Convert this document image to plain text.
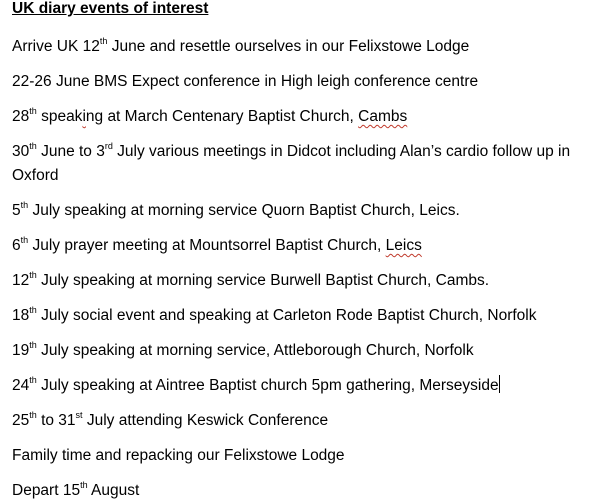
UK diary events of interest

Arrive UK 12th June and resettle ourselves in our Felixstowe Lodge

22-26 June BMS Expect conference in High leigh conference centre

28th speaking at March Centenary Baptist Church, Cambs

30th June to 3rd July various meetings in Didcot including Alan’s cardio follow up in Oxford

5th July speaking at morning service Quorn Baptist Church, Leics.

6th July prayer meeting at Mountsorrel Baptist Church, Leics

12th July speaking at morning service Burwell Baptist Church, Cambs.

18th July social event and speaking at Carleton Rode Baptist Church, Norfolk

19th July speaking at morning service, Attleborough Church, Norfolk

24th July speaking at Aintree Baptist church 5pm gathering, Merseyside

25th to 31st July attending Keswick Conference

Family time and repacking our Felixstowe Lodge

Depart 15th August
